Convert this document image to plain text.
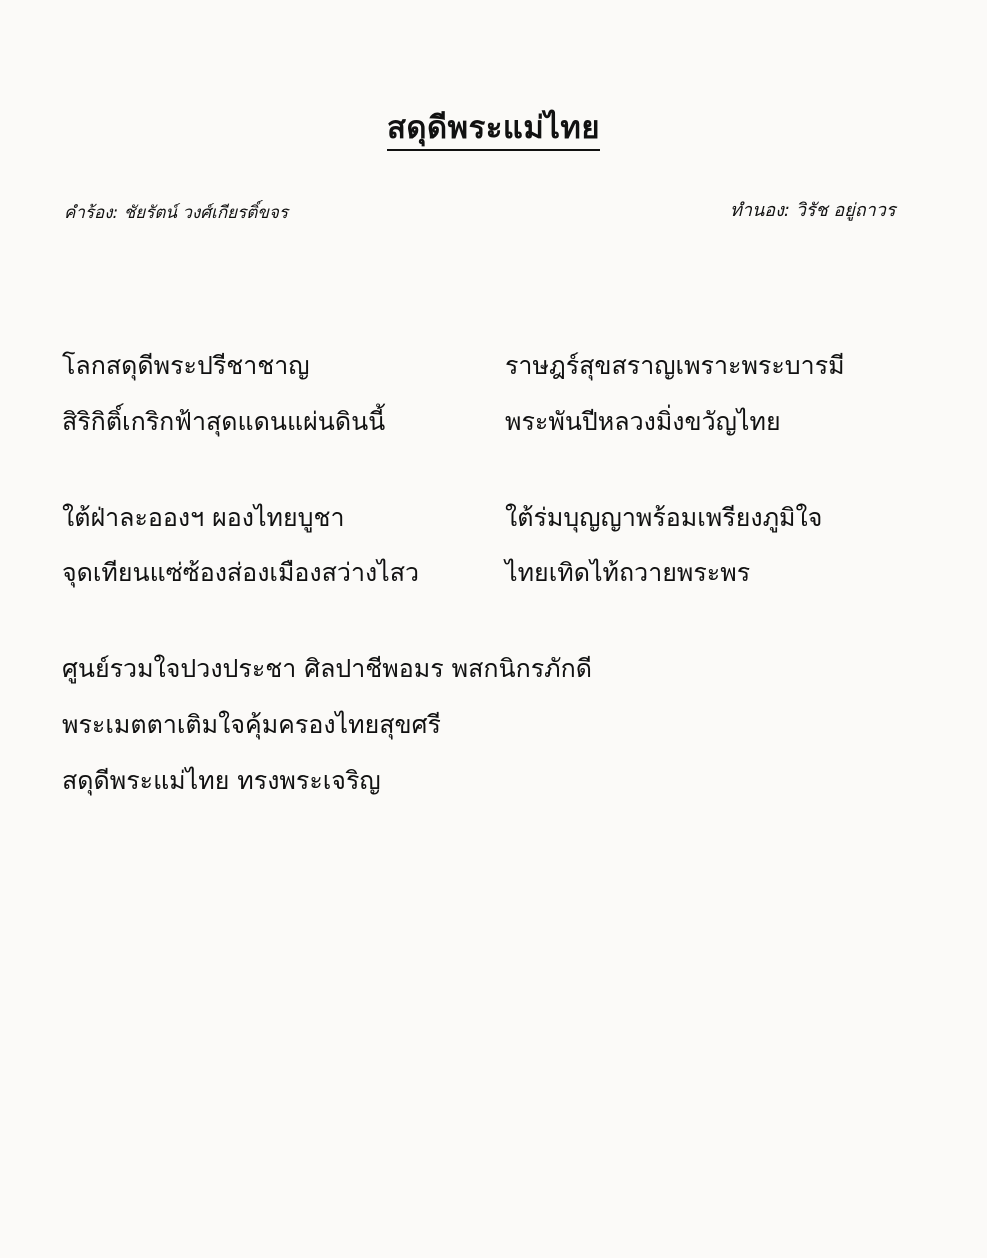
สดุดีพระแม่ไทย
คำร้อง: ชัยรัตน์ วงศ์เกียรติ์ขจร	ทำนอง: วิรัช อยู่ถาวร
โลกสดุดีพระปรีชาชาญ	ราษฎร์สุขสราญเพราะพระบารมี
สิริกิติ์เกริกฟ้าสุดแดนแผ่นดินนี้	พระพันปีหลวงมิ่งขวัญไทย
ใต้ฝ่าละอองฯ ผองไทยบูชา	ใต้ร่มบุญญาพร้อมเพรียงภูมิใจ
จุดเทียนแซ่ซ้องส่องเมืองสว่างไสว	ไทยเทิดไท้ถวายพระพร
ศูนย์รวมใจปวงประชา ศิลปาชีพอมร พสกนิกรภักดี
พระเมตตาเติมใจคุ้มครองไทยสุขศรี
สดุดีพระแม่ไทย ทรงพระเจริญ
